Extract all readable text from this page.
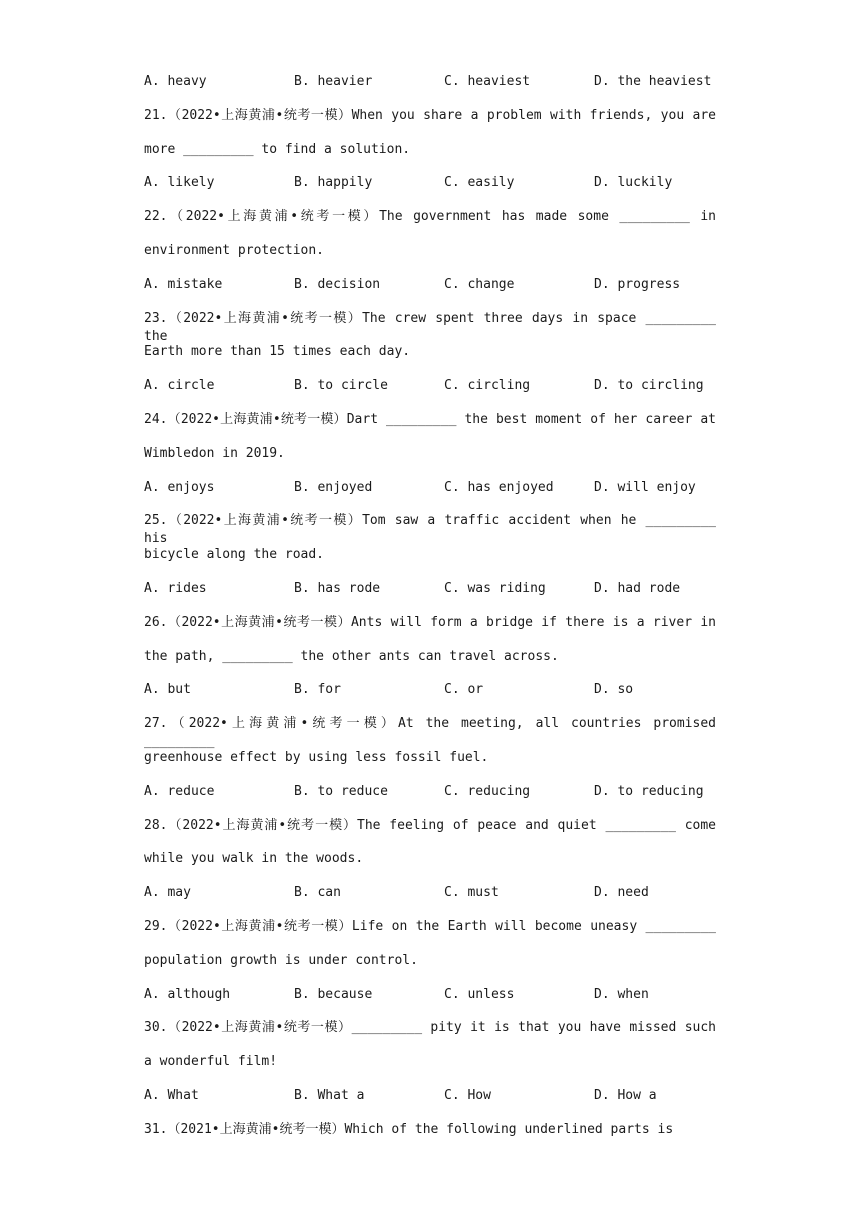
A. heavy	B. heavier	C. heaviest	D. the heaviest
21.（2022•上海黄浦•统考一模）When you share a problem with friends, you are
more _________ to find a solution.
A. likely	B. happily	C. easily	D. luckily
22.（2022•上海黄浦•统考一模）The government has made some _________ in
environment protection.
A. mistake	B. decision	C. change	D. progress
23.（2022•上海黄浦•统考一模）The crew spent three days in space _________ the
Earth more than 15 times each day.
A. circle	B. to circle	C. circling	D. to circling
24.（2022•上海黄浦•统考一模）Dart _________ the best moment of her career at
Wimbledon in 2019.
A. enjoys	B. enjoyed	C. has enjoyed	D. will enjoy
25.（2022•上海黄浦•统考一模）Tom saw a traffic accident when he _________ his
bicycle along the road.
A. rides	B. has rode	C. was riding	D. had rode
26.（2022•上海黄浦•统考一模）Ants will form a bridge if there is a river in
the path, _________ the other ants can travel across.
A. but	B. for	C. or	D. so
27.（2022•上海黄浦•统考一模）At the meeting, all countries promised _________
greenhouse effect by using less fossil fuel.
A. reduce	B. to reduce	C. reducing	D. to reducing
28.（2022•上海黄浦•统考一模）The feeling of peace and quiet _________ come
while you walk in the woods.
A. may	B. can	C. must	D. need
29.（2022•上海黄浦•统考一模）Life on the Earth will become uneasy _________
population growth is under control.
A. although	B. because	C. unless	D. when
30.（2022•上海黄浦•统考一模）_________ pity it is that you have missed such
a wonderful film!
A. What	B. What a	C. How	D. How a
31.（2021•上海黄浦•统考一模）Which of the following underlined parts is
